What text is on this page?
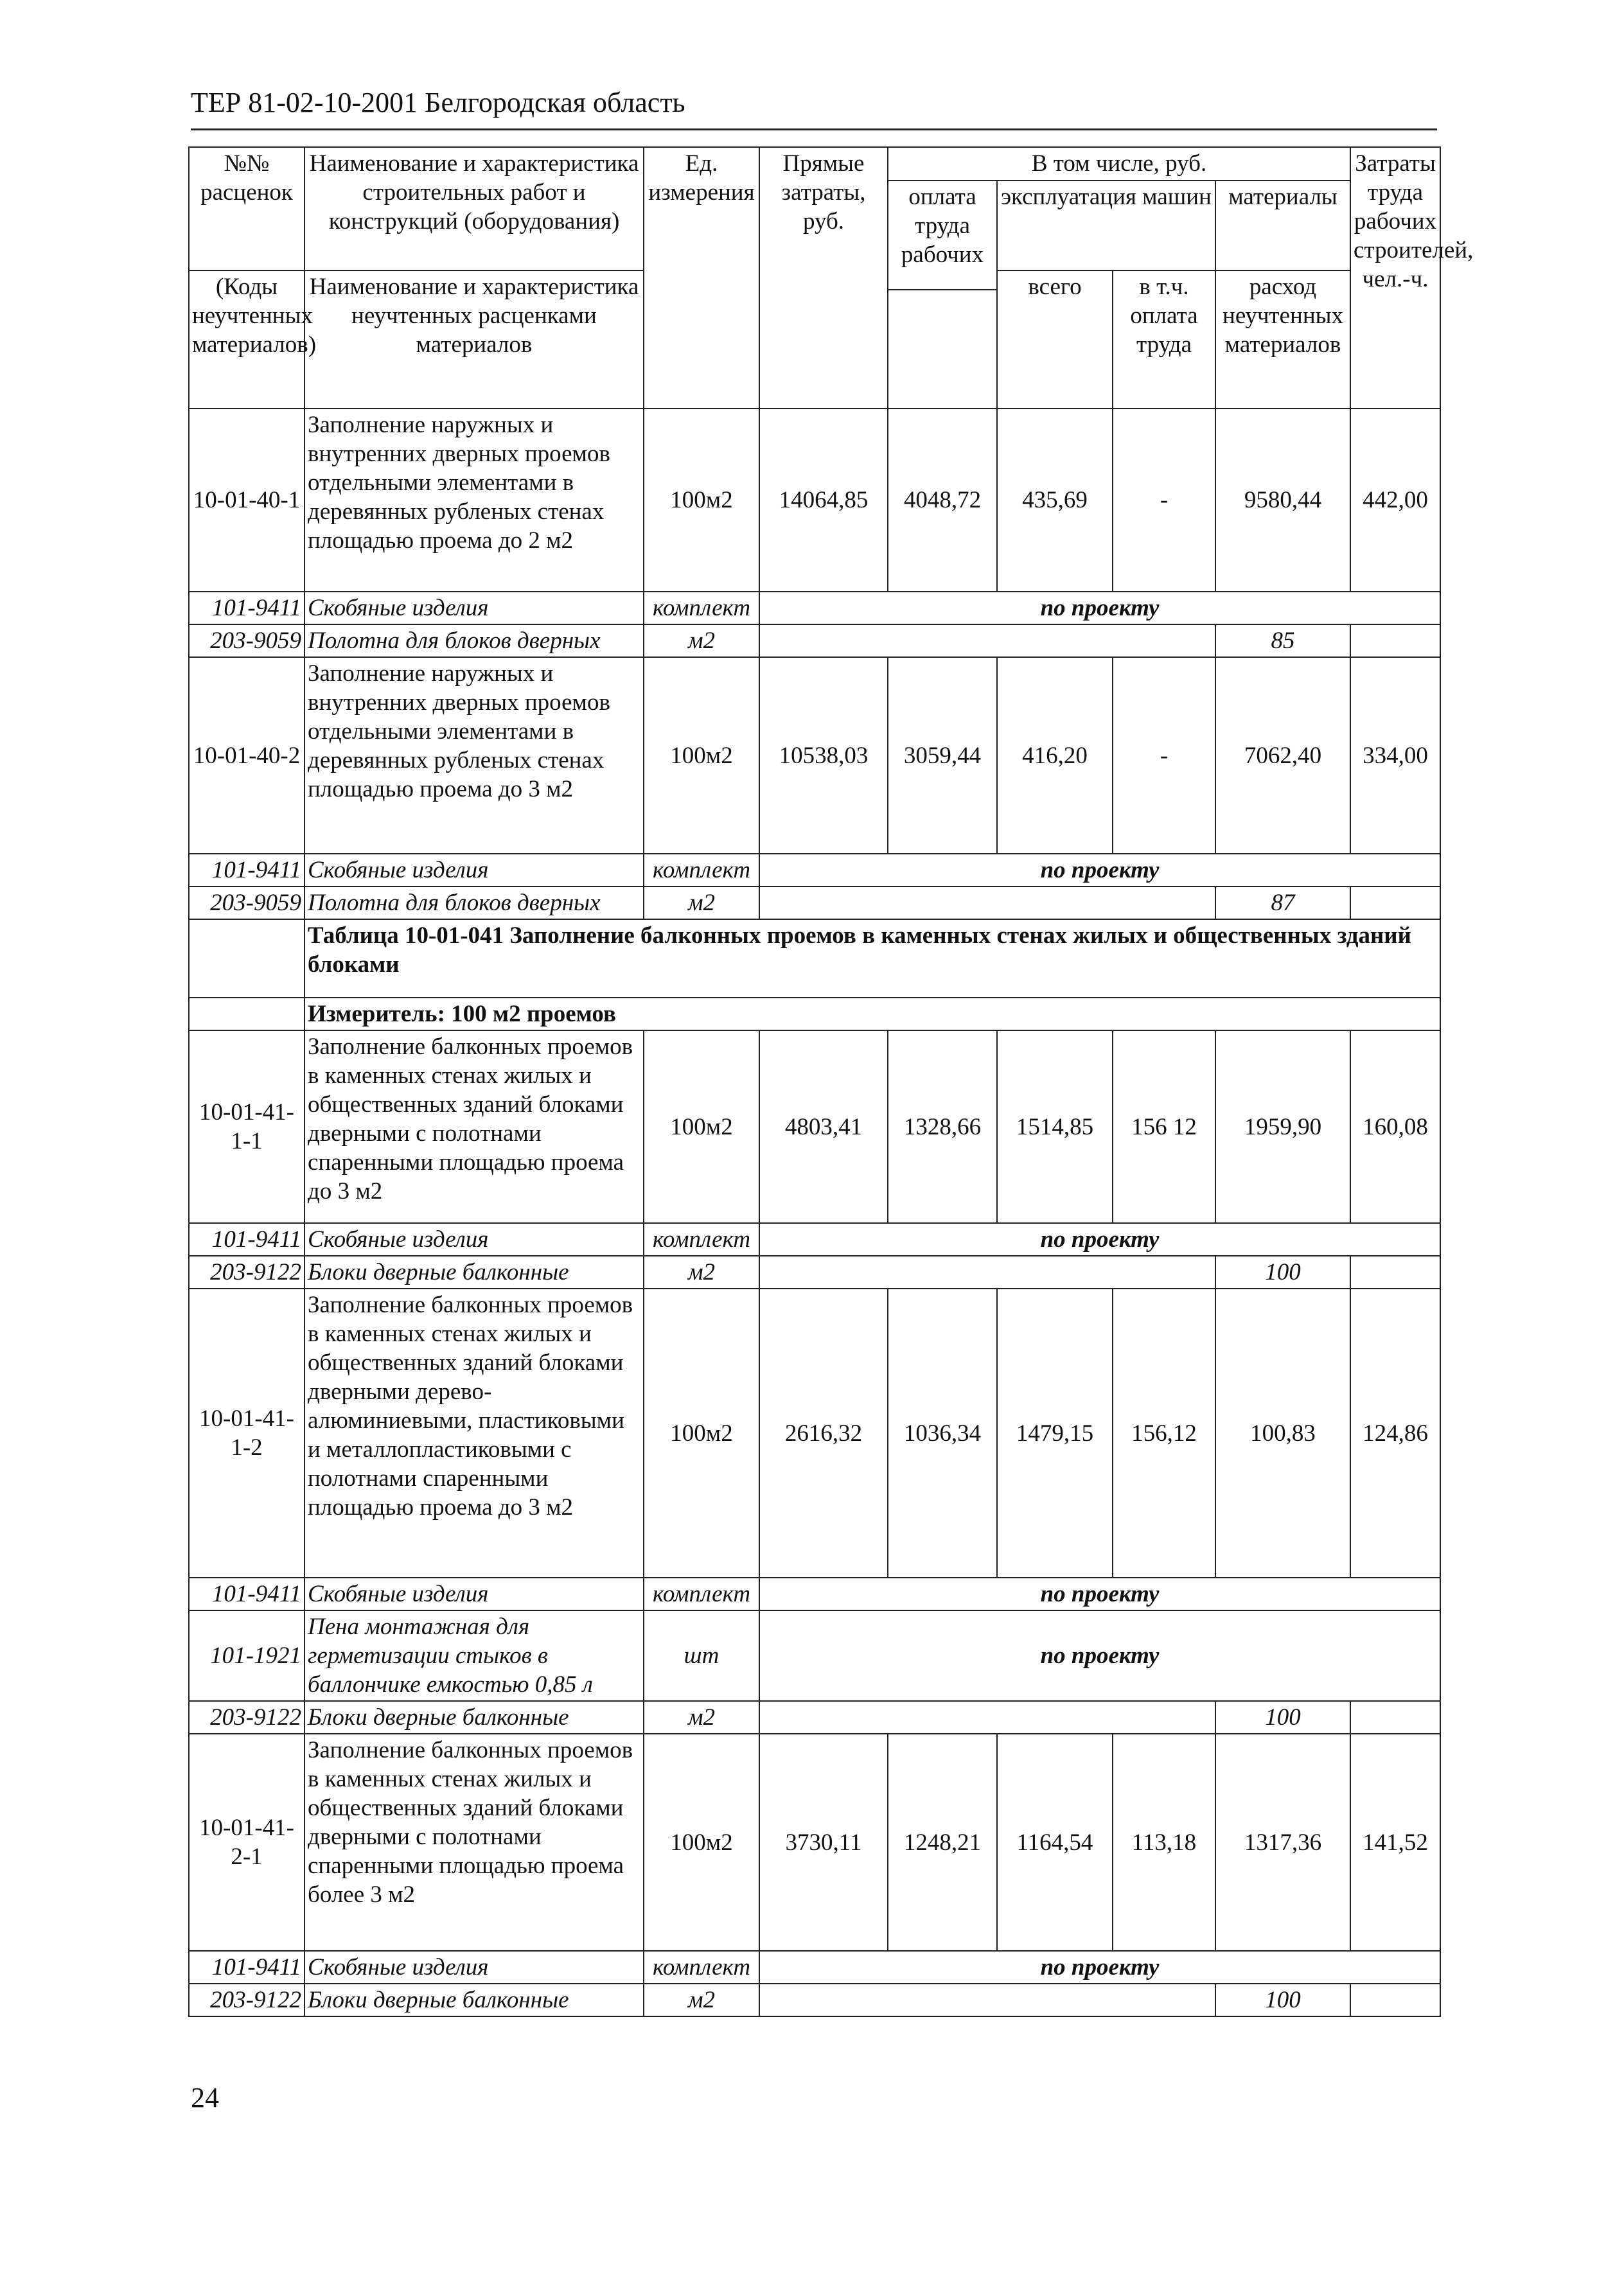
ТЕР 81-02-10-2001 Белгородская область
№№ расценок	Наименование и характеристика строительных работ и конструкций (оборудования)	Ед. измерения	Прямые затраты, руб.	В том числе, руб.				Затраты труда рабочих строителей, чел.-ч.
				оплата труда рабочих	эксплуатация машин		материалы	
(Коды неучтенных материалов)	Наименование и характеристика неучтенных расценками материалов				всего	в т.ч. оплата труда	расход неучтенных материалов	

10-01-40-1	Заполнение наружных и внутренних дверных проемов отдельными элементами в деревянных рубленых стенах площадью проема до 2 м2	100м2	14064,85	4048,72	435,69	-	9580,44	442,00
101-9411	Скобяные изделия	комплект	по проекту					
203-9059	Полотна для блоков дверных	м2					85	
10-01-40-2	Заполнение наружных и внутренних дверных проемов отдельными элементами в деревянных рубленых стенах площадью проема до 3 м2	100м2	10538,03	3059,44	416,20	-	7062,40	334,00
101-9411	Скобяные изделия	комплект	по проекту					
203-9059	Полотна для блоков дверных	м2					87	
	Таблица 10-01-041 Заполнение балконных проемов в каменных стенах жилых и общественных зданий блоками							
	Измеритель: 100 м2 проемов							
10-01-41-1-1	Заполнение балконных проемов в каменных стенах жилых и общественных зданий блоками дверными с полотнами спаренными площадью проема до 3 м2	100м2	4803,41	1328,66	1514,85	156 12	1959,90	160,08
101-9411	Скобяные изделия	комплект	по проекту					
203-9122	Блоки дверные балконные	м2					100	
10-01-41-1-2	Заполнение балконных проемов в каменных стенах жилых и общественных зданий блоками дверными дерево-алюминиевыми, пластиковыми и металлопластиковыми с полотнами спаренными площадью проема до 3 м2	100м2	2616,32	1036,34	1479,15	156,12	100,83	124,86
101-9411	Скобяные изделия	комплект	по проекту					
101-1921	Пена монтажная для герметизации стыков в баллончике емкостью 0,85 л	шт	по проекту					
203-9122	Блоки дверные балконные	м2					100	
10-01-41-2-1	Заполнение балконных проемов в каменных стенах жилых и общественных зданий блоками дверными с полотнами спаренными площадью проема более 3 м2	100м2	3730,11	1248,21	1164,54	113,18	1317,36	141,52
101-9411	Скобяные изделия	комплект	по проекту					
203-9122	Блоки дверные балконные	м2					100	
24
